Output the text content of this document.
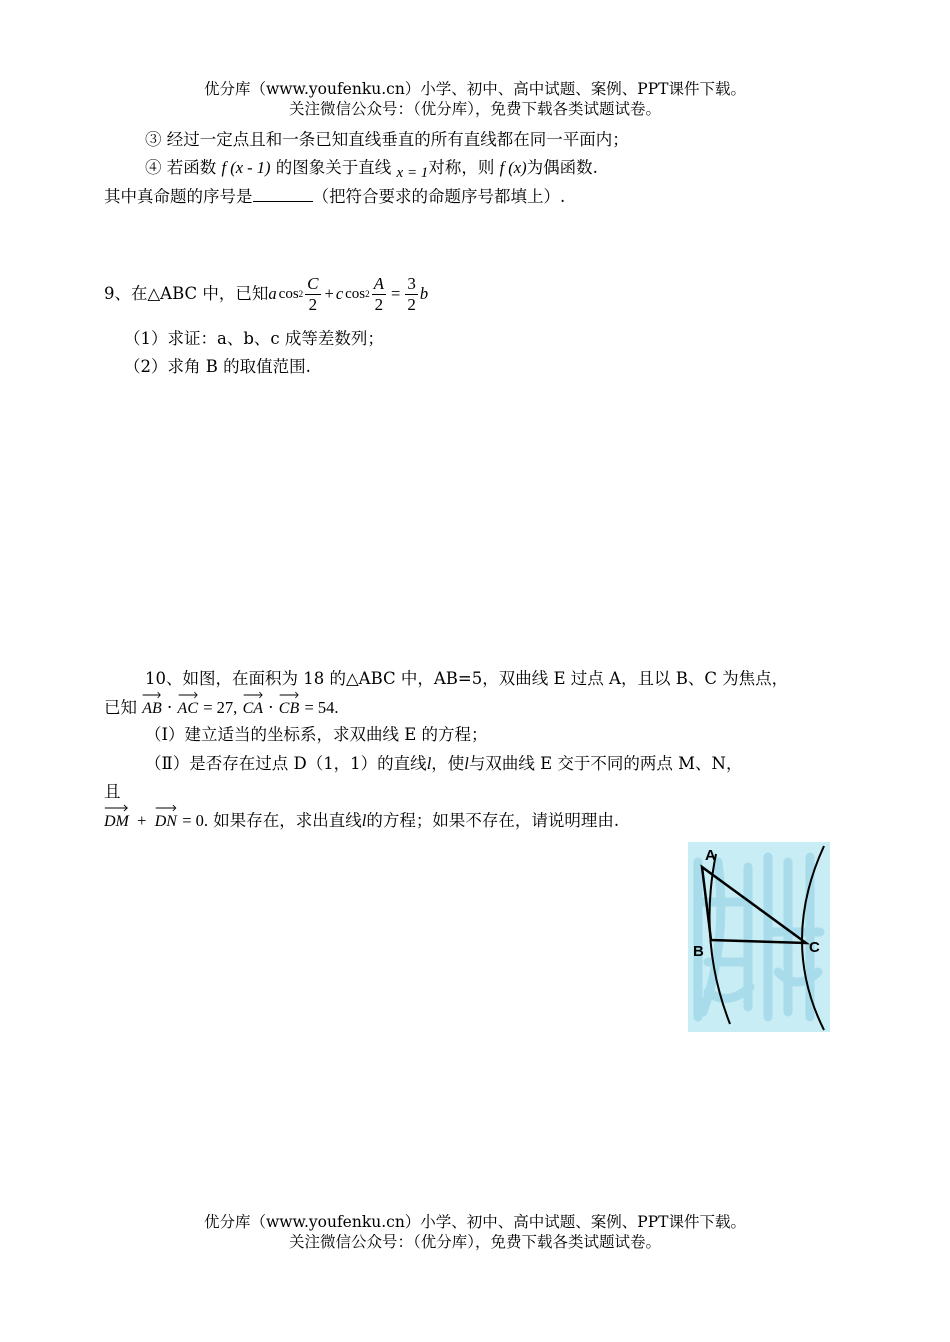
优分库（www.youfenku.cn）小学、初中、高中试题、案例、PPT课件下载。
关注微信公众号：（优分库），免费下载各类试题试卷。
③ 经过一定点且和一条已知直线垂直的所有直线都在同一平面内；
④ 若函数 f (x - 1) 的图象关于直线 x = 1对称，则 f (x)为偶函数.
其中真命题的序号是	（把符合要求的命题序号都填上）.
9、在△ABC 中，已知 a $\cos 2 \frac{C}{2} + c$ $\cos 2 \frac{A}{2} = \frac{3}{2}$ b
（1）求证：a、b、c 成等差数列；
（2）求角 B 的取值范围.
10、如图，在面积为 18 的△ABC 中，AB=5，双曲线 E 过点 A，且以 B、C 为焦点，
已知 AB · AC = 27, CA · CB = 54.
（Ⅰ）建立适当的坐标系，求双曲线 E 的方程；
（Ⅱ）是否存在过点 D（1，1）的直线l，使l与双曲线 E 交于不同的两点 M、N，
且
DM + DN = 0. 如果存在，求出直线l的方程；如果不存在，请说明理由.
A
B	C
优分库（www.youfenku.cn）小学、初中、高中试题、案例、PPT课件下载。
关注微信公众号：（优分库），免费下载各类试题试卷。
